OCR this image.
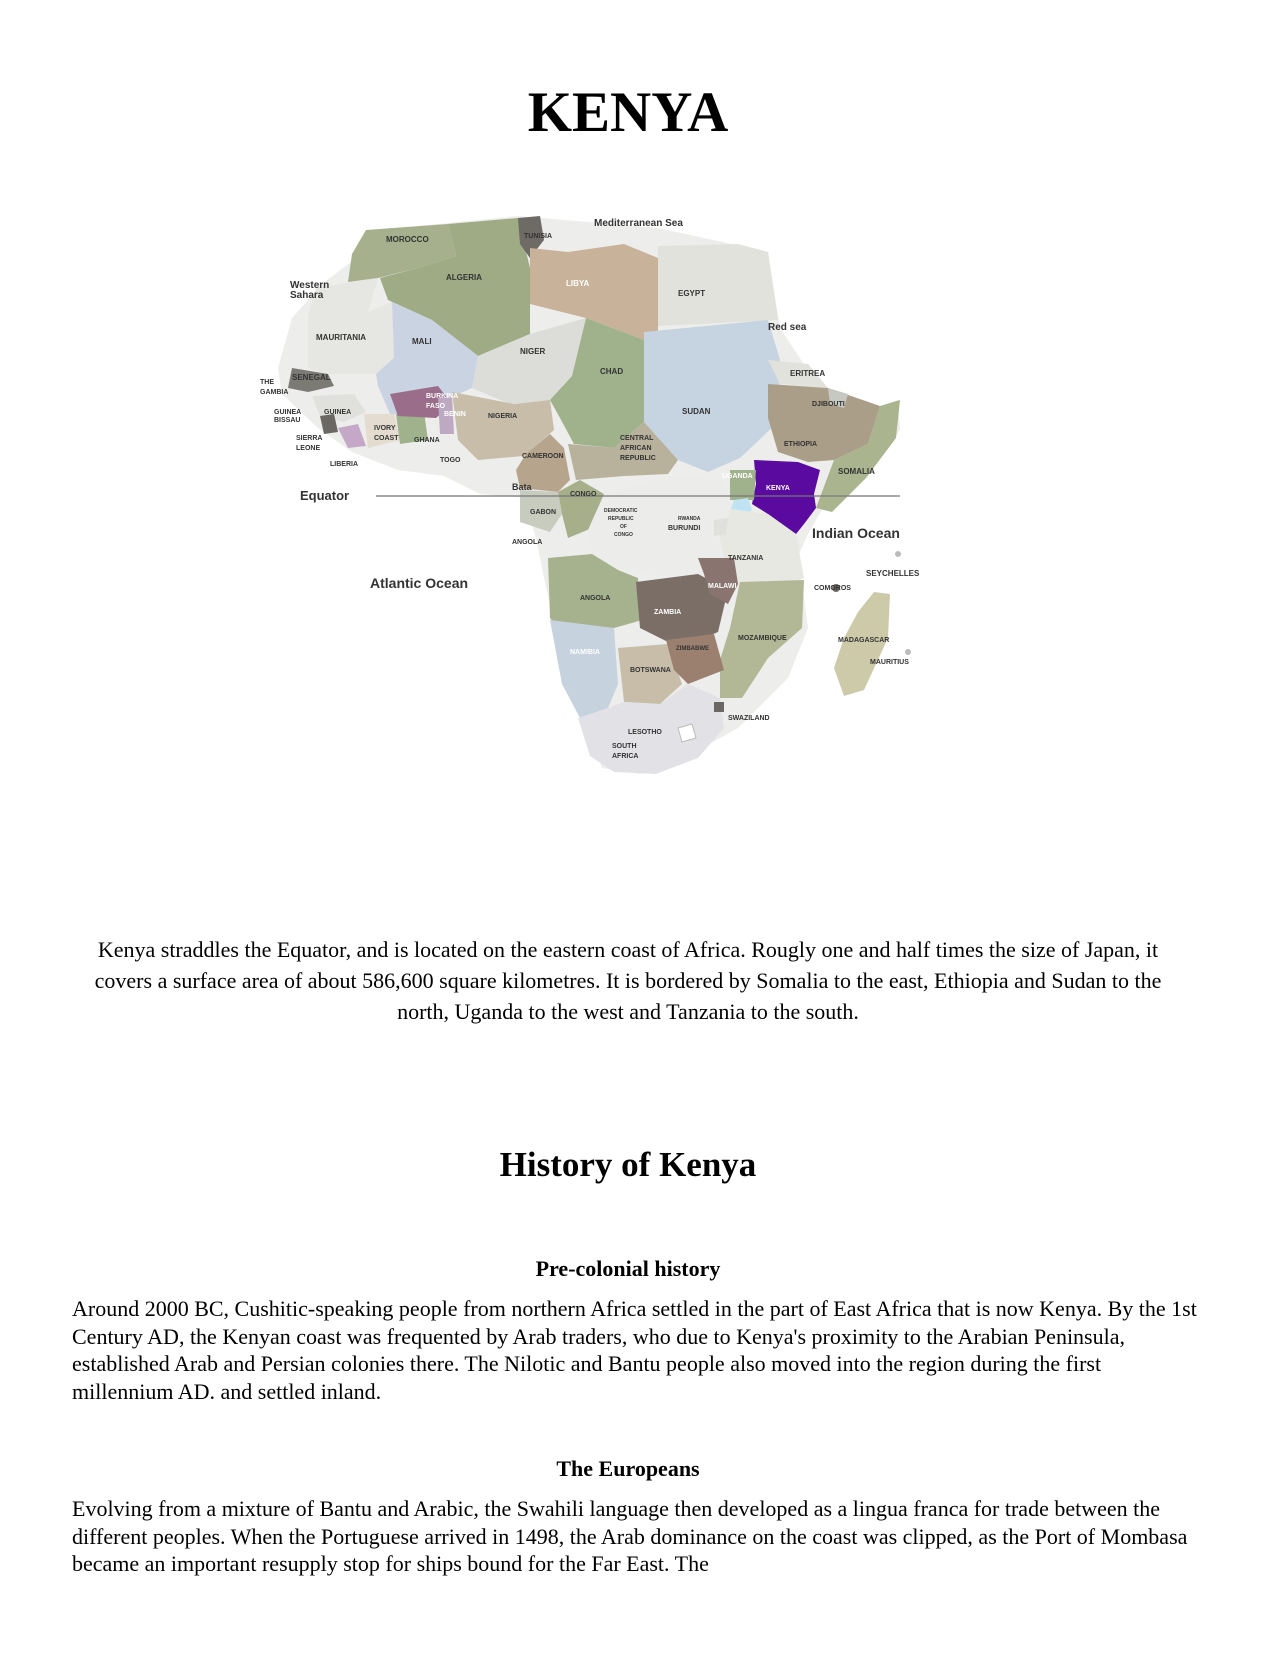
KENYA
Mediterranean Sea
MOROCCO	TUNISIA
ALGERIA
LIBYA
EGYPT
Western
Sahara
MAURITANIA	MALI
NIGER
CHAD
SUDAN
Red sea
ERITREA
DJIBOUTI
ETHIOPIA
SOMALIA
THE
GAMBIA
SENEGAL
GUINEA
BISSAU
GUINEA
SIERRA
LEONE
LIBERIA
IVORY
COAST GHANA
TOGO
BURKINA
FASO
BENIN	NIGERIA
CAMEROON
CENTRAL
AFRICAN
REPUBLIC
UGANDA
KENYA
Equator
Bata
CONGO
GABON	DEMOCRATIC
REPUBLIC
OF
CONGO
RWANDA
BURUNDI
ANGOLA
Indian Ocean
TANZANIA
SEYCHELLES
COMOROS
Atlantic Ocean
ANGOLA
MALAWI
ZAMBIA
MOZAMBIQUE	MADAGASCAR
MAURITIUS
NAMIBIA	ZIMBABWE
BOTSWANA
SWAZILAND
LESOTHO
SOUTH
AFRICA

Kenya straddles the Equator, and is located on the eastern coast of Africa. Rougly one and half times the size of Japan, it covers a surface area of about 586,600 square kilometres. It is bordered by Somalia to the east, Ethiopia and Sudan to the north, Uganda to the west and Tanzania to the south.

History of Kenya
Pre-colonial history

Around 2000 BC, Cushitic-speaking people from northern Africa settled in the part of East Africa that is now Kenya. By the 1st Century AD, the Kenyan coast was frequented by Arab traders, who due to Kenya's proximity to the Arabian Peninsula, established Arab and Persian colonies there. The Nilotic and Bantu people also moved into the region during the first millennium AD. and settled inland.

The Europeans

Evolving from a mixture of Bantu and Arabic, the Swahili language then developed as a lingua franca for trade between the different peoples. When the Portuguese arrived in 1498, the Arab dominance on the coast was clipped, as the Port of Mombasa became an important resupply stop for ships bound for the Far East. The
